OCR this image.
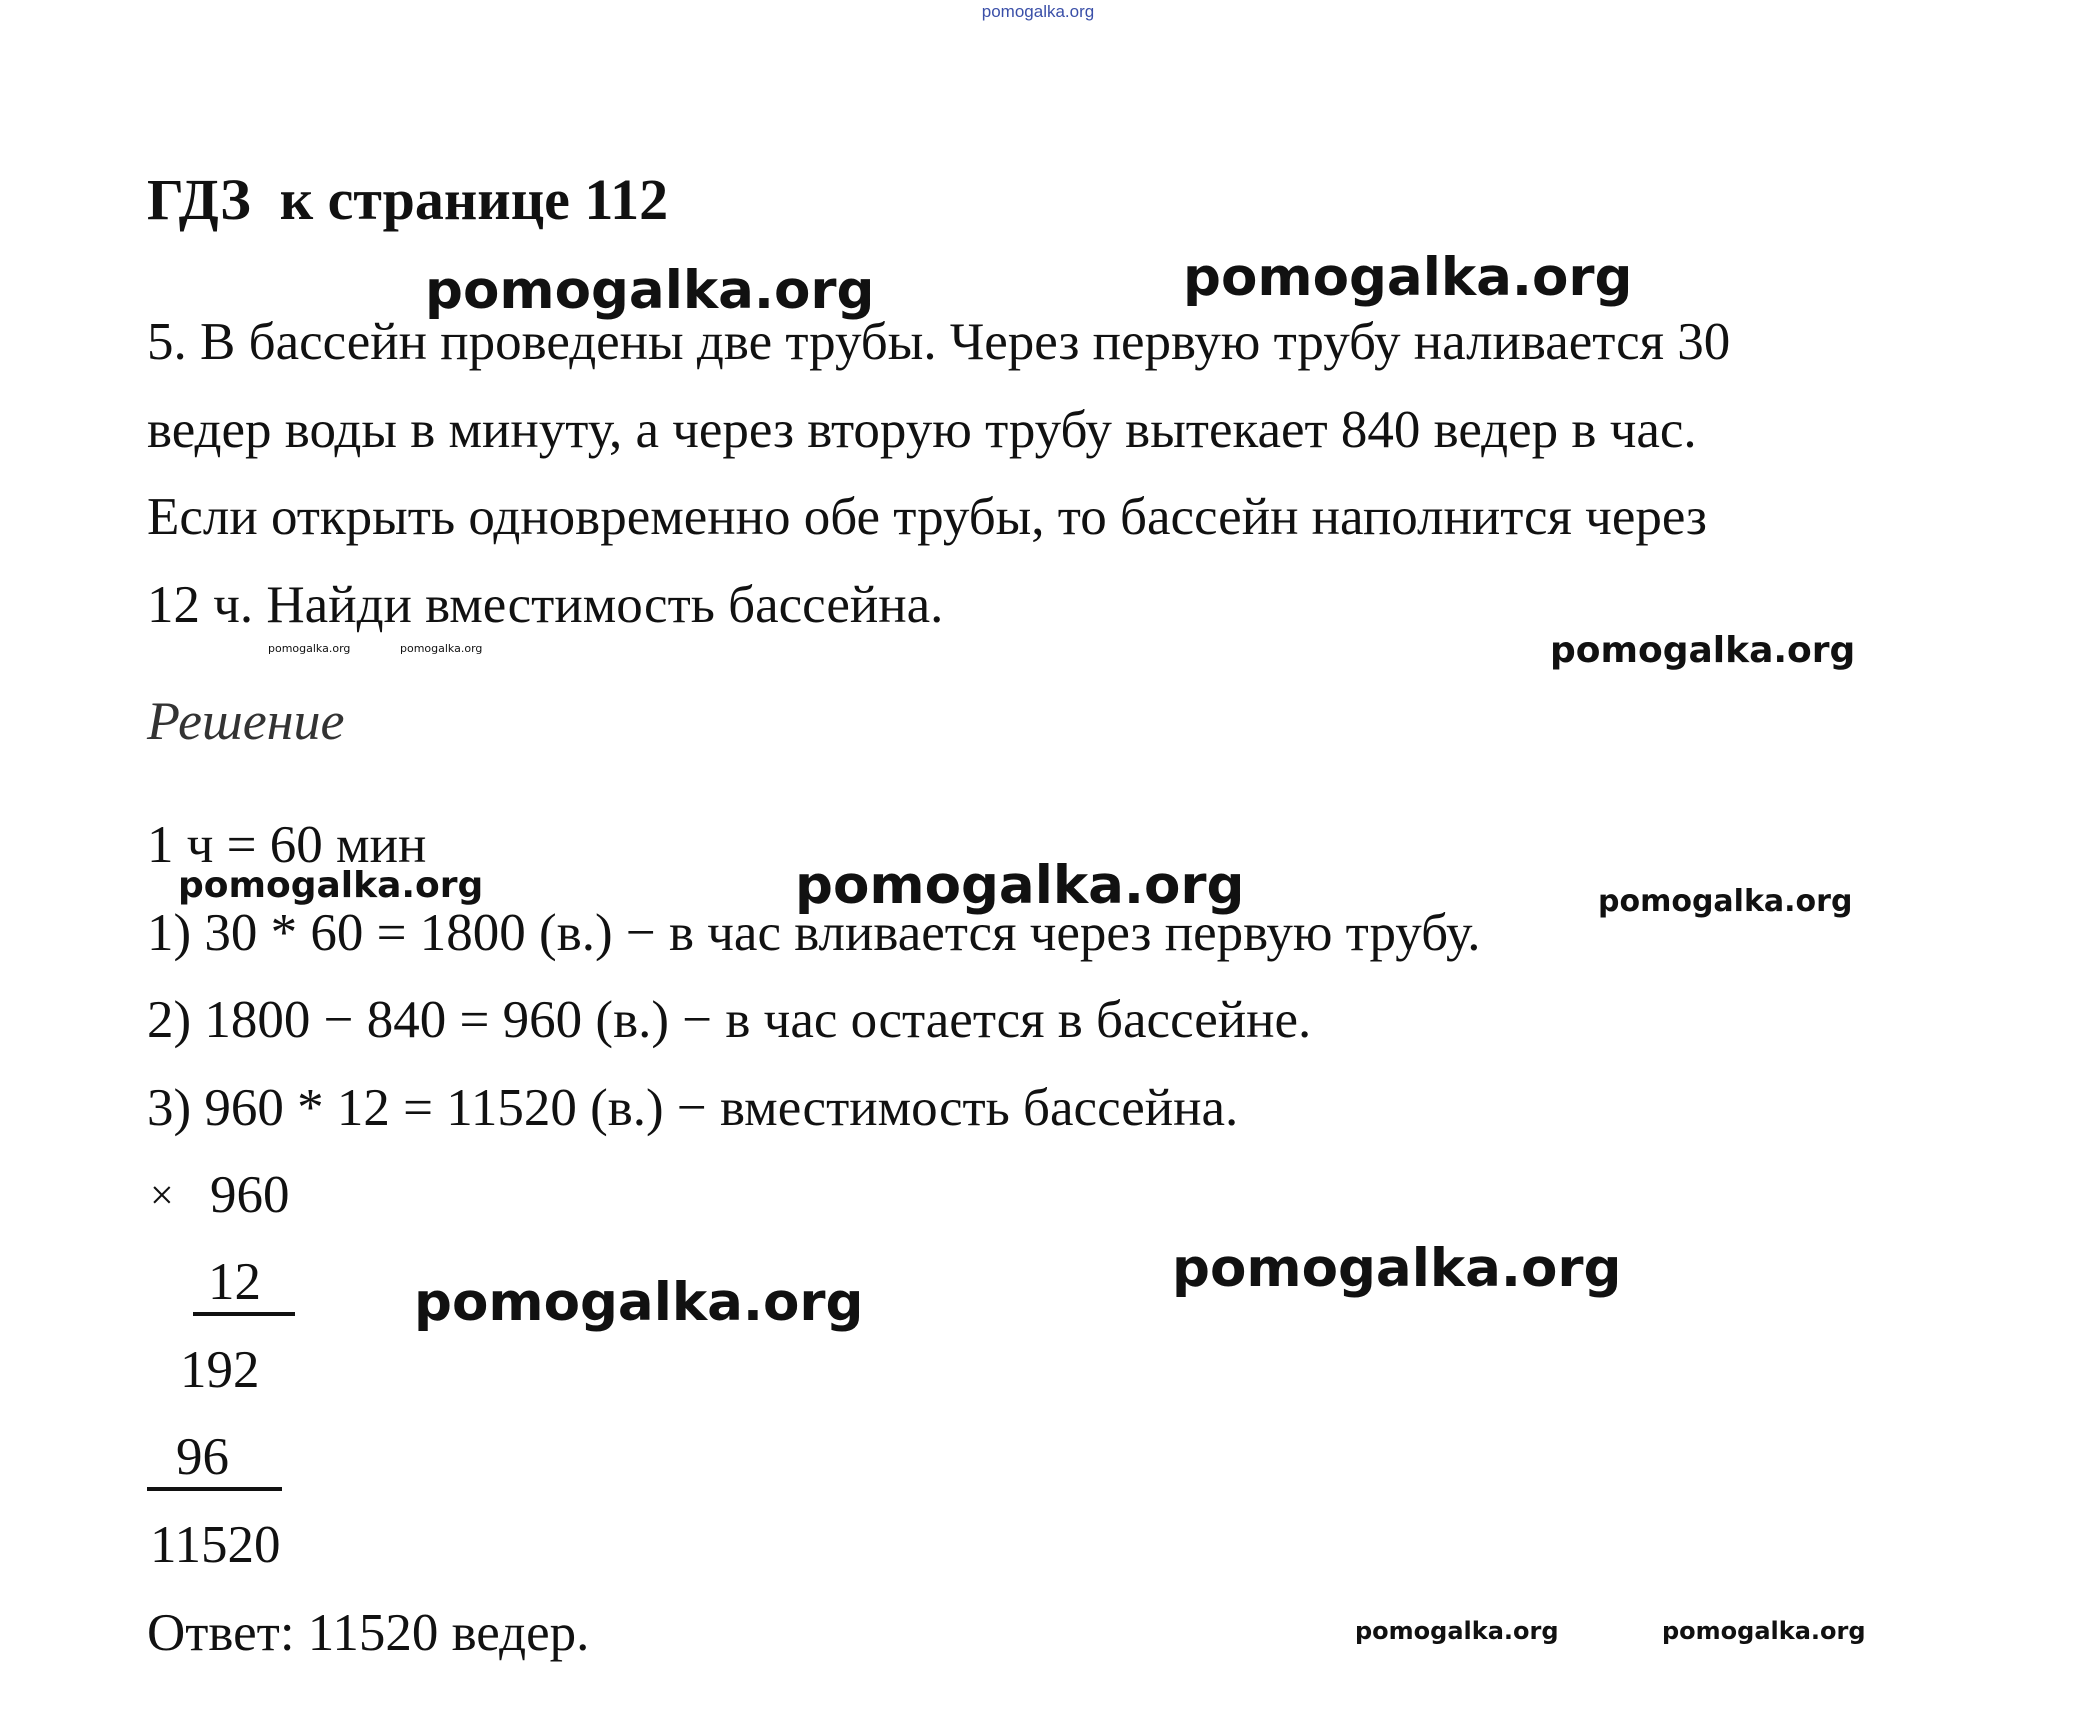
pomogalka.org
ГДЗ  к странице 112
5. В бассейн проведены две трубы. Через первую трубу наливается 30
ведер воды в минуту, а через вторую трубу вытекает 840 ведер в час.
Если открыть одновременно обе трубы, то бассейн наполнится через
12 ч. Найди вместимость бассейна.
Решение
1 ч = 60 мин
1) 30 * 60 = 1800 (в.) − в час вливается через первую трубу.
2) 1800 − 840 = 960 (в.) − в час остается в бассейне.
3) 960 * 12 = 11520 (в.) − вместимость бассейна.
× 960
12
192
96
11520
Ответ: 11520 ведер.
pomogalka.org	pomogalka.org
pomogalka.org	pomogalka.org	pomogalka.org
pomogalka.org	pomogalka.org	pomogalka.org
pomogalka.org
pomogalka.org
pomogalka.org	pomogalka.org
